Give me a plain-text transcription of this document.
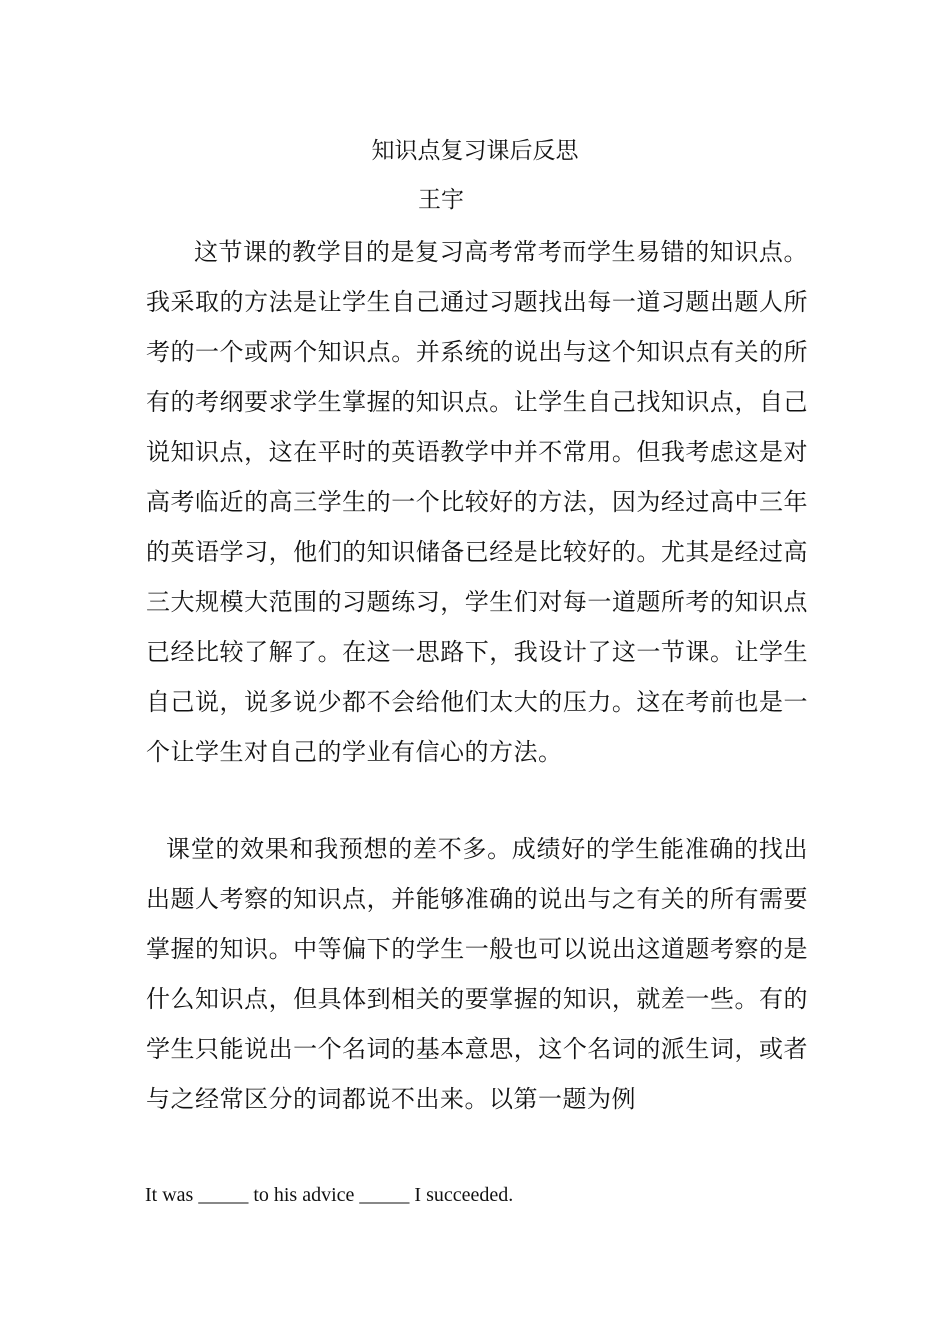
知识点复习课后反思

王宇

这节课的教学目的是复习高考常考而学生易错的知识点。我采取的方法是让学生自己通过习题找出每一道习题出题人所考的一个或两个知识点。并系统的说出与这个知识点有关的所有的考纲要求学生掌握的知识点。让学生自己找知识点，自己说知识点，这在平时的英语教学中并不常用。但我考虑这是对高考临近的高三学生的一个比较好的方法，因为经过高中三年的英语学习，他们的知识储备已经是比较好的。尤其是经过高三大规模大范围的习题练习，学生们对每一道题所考的知识点已经比较了解了。在这一思路下，我设计了这一节课。让学生自己说，说多说少都不会给他们太大的压力。这在考前也是一个让学生对自己的学业有信心的方法。

课堂的效果和我预想的差不多。成绩好的学生能准确的找出出题人考察的知识点，并能够准确的说出与之有关的所有需要掌握的知识。中等偏下的学生一般也可以说出这道题考察的是什么知识点，但具体到相关的要掌握的知识，就差一些。有的学生只能说出一个名词的基本意思，这个名词的派生词，或者与之经常区分的词都说不出来。以第一题为例

It was _____ to his advice _____ I succeeded.
